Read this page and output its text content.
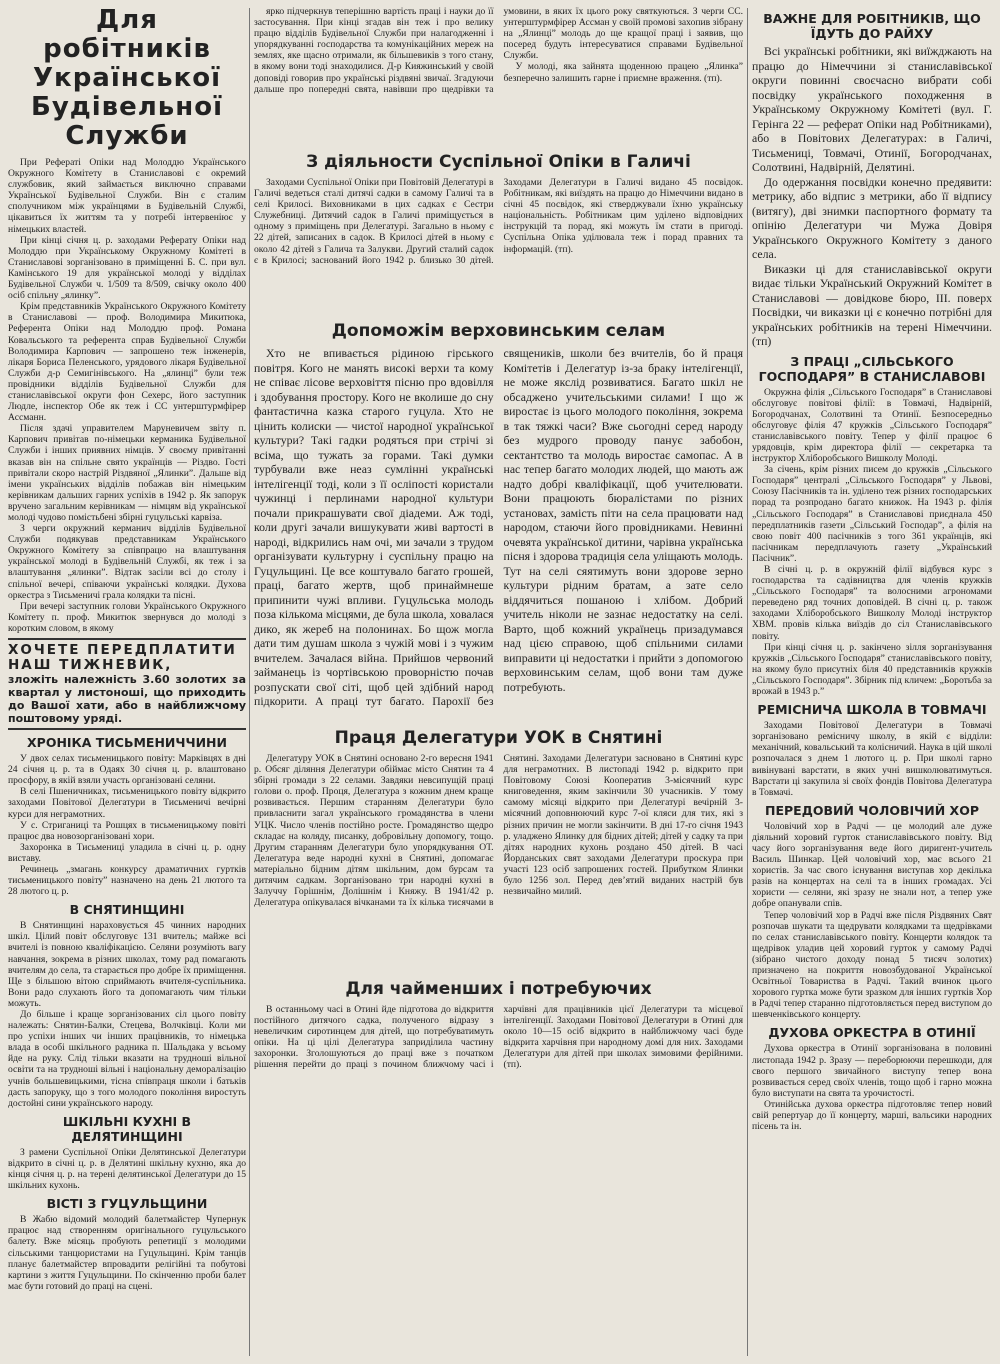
Для робітників Української Будівельної Служби

При Рефераті Опіки над Молоддю Українського Окружного Комітету в Станиславові є окремий службовик, який займається виключно справами Української Будівельної Служби. Він є сталим сполучником між українцями в Будівельній Службі, цікавиться їх життям та у потребі інтервеніює у німецьких властей.

При кінці січня ц. р. заходами Реферату Опіки над Молоддю при Українському Окружному Комітеті в Станиславові зорганізовано в приміщенні Б. С. при вул. Камінського 19 для української молоді у відділах Будівельної Служби ч. 1/509 та 8/509, свічку около 400 осіб спільну „ялинку”.

Крім представників Українського Окружного Комітету в Станиславові — проф. Володимира Микитюка, Референта Опіки над Молоддю проф. Романа Ковальського та референта справ Будівельної Служби Володимира Карпович — запрошено теж інженерів, лікаря Бориса Пеленського, урядового лікаря Будівельної Служби д-р Семигінівського. На „ялинці” були теж провідники відділів Будівельної Служби для станиславівської округи фон Сехерс, його заступник Людле, інспектор Обе як теж і СС унтерштурмфірер Ассманн.

Після здачі управителем Маруневичем звіту п. Карпович привітав по-німецьки керманика Будівельної Служби і інших приявних німців. У своєму привітанні вказав він на спільне свято українців — Різдво. Гості привітали скоро настрій Різдвяної „Ялинки”. Дальше від імени українських відділів побажав він німецьким керівникам дальших гарних успіхів в 1942 р. Як запорук вручено загальним керівникам — німцям від української молоді чудово помістьбені збірні гуцульські карвіза.

З черги окружний керманич відділів Будівельної Служби подякував представникам Українського Окружного Комітету за співпрацю на влаштування української молоді в Будівельній Службі, як теж і за влаштування „ялинки”. Відтак засіли всі до столу і спільної вечері, співаючи українські колядки. Духова оркестра з Тисьменичі грала колядки та пісні.

При вечері заступник голови Українського Окружного Комітету п. проф. Микитюк звернувся до молоді з коротким словом, в якому

ХОЧЕТЕ ПЕРЕДПЛАТИТИ НАШ ТИЖНЕВИК,

зложіть належність 3.60 золотих за квартал у листоноші, що приходить до Вашої хати, або в найближчому поштовому уряді.

ХРОНІКА ТИСЬМЕНИЧЧИНИ

У двох селах тисьменицького повіту: Марківцях в дні 24 січня ц. р. та в Одаях 30 січня ц. р. влаштовано просфору, в якій взяли участь організовані селяни.

В селі Пшеничниках, тисьменицького повіту відкрито заходами Повітової Делегатури в Тисьменичі вечірні курси для неграмотних.

У с. Стриганиці та Рошцях в тисьменицькому повіті працює два новозорганізовані хори.

Захоронка в Тисьмениці уладила в січні ц. р. одну виставу.

Речинець „змагань конкурсу драматичних гуртків тисьменицького повіту” назначено на день 21 лютого та 28 лютого ц. р.

В СНЯТИНЩИНІ

В Снятинщині нараховується 45 чинних народних шкіл. Цілий повіт обслуговує 131 вчитель; майже всі вчителі із повною кваліфікацією. Селяни розуміють вагу навчання, зокрема в різних школах, тому рад помагають вчителям до села, та старається про добре їх приміщення. Ще з більшою вітою сприймають вчителя-суспільника. Вони радо слухають його та допомагають чим тільки можуть.

До більше і краще зорганізованих сіл цього повіту належать: Снятин-Балки, Стецева, Волчківці. Коли ми про успіхи інших чи інших працівників, то німецька влада в особі шкільного радника п. Шальдака у всьому йде на руку. Слід тільки вказати на трудноші вільної освіти та на трудноші вільні і національну деморалізацію учнів большевицькими, тісна співпраця школи і батьків дасть запоруку, що з того молодого покоління виростуть достойні сини українського народу.

ШКІЛЬНІ КУХНІ В ДЕЛЯТИНЩИНІ

З рамени Суспільної Опіки Делятинської Делегатури відкрито в січні ц. р. в Делятині шкільну кухню, яка до кінця січня ц. р. на терені делятинської Делегатури до 15 шкільних кухонь.

ВІСТІ З ГУЦУЛЬЩИНИ

В Жабю відомий молодий балетмайстер Чупернук працює над створенням оригінального гуцульського балету. Вже місяць пробують репетиції з молодими сільськими танцюристами на Гуцульщині. Крім танців планує балетмайстер впровадити релігійні та побутові картини з життя Гуцульщини. По скінченню проби балет має бути готовий до праці на сцені.

ярко підчеркнув теперішню вартість праці і науки до її застосування. При кінці згадав він теж і про велику працю відділів Будівельної Служби при налагодженні і упорядкуванні господарства та комунікаційних мереж на землях, яке щасно отримали, як більшевиків з того стану, в якому вони тоді знаходилися. Д-р Кияжинський у своїй доповіді говорив про українські різдвяні звичаї. Згадуючи дальше про попередні свята, навівши про щедрівки та умовини, в яких їх цього року святкуються. З черги СС. унтерштурмфірер Ассман у своїй промові захопив зібрану на „Ялинці” молодь до ще кращої праці і заявив, що посеред будуть інтересуватися справами Будівельної Служби.

У молоді, яка зайнята щоденною працею „Ялинка” безперечно залишить гарне і приємне враження. (тп).

З діяльности Суспільної Опіки в Галичі

Заходами Суспільної Опіки при Повітовій Делегатурі в Галичі ведеться сталі дитячі садки в самому Галичі та в селі Крилосі. Виховниками в цих садках є Сестри Служебниці. Дитячий садок в Галичі приміщується в одному з приміщень при Делегатурі. Загально в ньому є 22 дітей, записаних в садок. В Крилосі дітей в ньому є около 42 дітей з Галича та Залукви. Другий сталий садок є в Крилосі; заснований його 1942 р. близько 30 дітей. Заходами Делегатури в Галичі видано 45 посвідок. Робітникам, які виїздять на працю до Німеччини видано в січні 45 посвідок, які стверджували їхню українську національність. Робітникам цим уділено відповідних інструкцій та порад, які можуть їм стати в пригоді. Суспільна Опіка уділювала теж і порад правних та інформацій. (тп).

Допоможім верховинським селам

Хто не впивається рідиною гірського повітря. Кого не манять високі верхи та кому не співає лісове верховіття пісню про вдовілля і здобування простору. Кого не вколише до сну фантастична казка старого гуцула. Хто не цінить колиски — чистої народної української культури? Такі гадки родяться при стрічі зі всіма, що тужать за горами. Такі думки турбували вже неаз сумлінні українські інтелігенції тоді, коли з її осліпості користали чужинці і перлинами народної культури почали прикрашувати свої діадеми. Аж тоді, коли другі зачали вишукувати живі вартості в народі, відкрились нам очі, ми зачали з трудом організувати культурну і суспільну працю на Гуцульщині. Це все коштувало багато грошей, праці, багато жертв, щоб принаймнеше припинити чужі впливи. Гуцульська молодь поза кількома місцями, де була школа, ховалася дико, як жереб на полонинах. Бо щож могла дати тим душам школа з чужій мові і з чужим вчителем. Зачалася війна. Прийшов червоний займанець із чортівською проворністю почав розпускати свої сіті, щоб цей здібний народ підкорити. А праці тут багато. Парохії без священиків, школи без вчителів, бо й праця Комітетів і Делегатур із-за браку інтелігенції, не може якслід розвиватися. Багато шкіл не обсаджено учительськими силами! І що ж виростає із цього молодого покоління, зокрема в так тяжкі часи? Вже сьогодні серед народу без мудрого проводу панує забобон, сектантство та молодь виростає самопас. А в нас тепер багато молодих людей, що мають аж надто добрі кваліфікації, щоб учителювати. Вони працюють бюралістами по різних установах, замість піти на села працювати над народом, стаючи його провідниками. Невинні очевята української дитини, чарівна українська пісня і здорова традиція села уліщають молодь. Тут на селі сяятимуть вони здорове зерно культури рідним братам, а зате село віддячиться пошаною і хлібом. Добрий учитель ніколи не зазнає недостатку на селі. Варто, щоб кожний українець призадумався над цією справою, щоб спільними силами виправити ці недостатки і прийти з допомогою верховинським селам, щоб вони там дуже потребують.

Праця Делегатури УОК в Снятині

Делегатуру УОК в Снятині основано 2-го вересня 1941 р. Обсяг діляння Делегатури обіймає місто Снятин та 4 збірні громади з 22 селами. Завдяки невсипущій праці голови о. проф. Проця, Делегатура з кожним днем краще розвивається. Першим старанням Делегатури було привласнити загал українського громадянства в члени УЦК. Число членів постійно росте. Громадянство щедро складає на коляду, писанку, добровільну допомогу, тощо. Другим старанням Делегатури було упорядкування ОТ. Делегатура веде народні кухні в Снятині, допомагає матеріально бідним дітям шкільним, дом бурсам та дитячим садкам. Зорганізовано три народні кухні в Залуччу Горішнім, Долішнім і Княжу. В 1941/42 р. Делегатура опікувалася вічканами та їх кілька тисячами в Снятині. Заходами Делегатури засновано в Снятині курс для неграмотних. В листопаді 1942 р. відкрито при Повітовому Союзі Кооператив 3-місячний курс книговедення, яким закінчили 30 учасників. У тому самому місяці відкрито при Делегатурі вечірній 3-місячний доповнюючий курс 7-ої кляси для тих, які з різних причин не могли закінчити. В дні 17-го січня 1943 р. уладжено Ялинку для бідних дітей; дітей у садку та при дітях народних кухонь роздано 450 дітей. В часі Йорданських свят заходами Делегатури проскура при участі 123 осіб запрошених гостей. Прибутком Ялинки було 1256 зол. Перед дев’ятий виданих настрій був незвичайно милий.

Для чайменших і потребуючих

В останньому часі в Отині йде підготова до відкриття постійного дитячого садка, полученого відразу з невеличким сиротинцем для дітей, що потребуватимуть опіки. На ці цілі Делегатура заприділила частину захоронки. Зголошуються до праці вже з початком рішення перейти до праці з почином ближчому часі і харчівні для працівників цієї Делегатури та місцевої інтелігенції. Заходами Повітової Делегатури в Отині для около 10—15 осіб відкрито в найближчому часі буде відкрита харчівня при народному домі для них. Заходами Делегатури для дітей при школах зимовими ферійними. (тп).

ВАЖНЕ ДЛЯ РОБІТНИКІВ, ЩО ЇДУТЬ ДО РАЙХУ

Всі українські робітники, які виїжджають на працю до Німеччини зі станиславівської округи повинні своєчасно вибрати собі посвідку українського походження в Українському Окружному Комітеті (вул. Г. Герінга 22 — реферат Опіки над Робітниками), або в Повітових Делегатурах: в Галичі, Тисьмениці, Товмачі, Отинії, Богородчанах, Солотвині, Надвірній, Делятині.

До одержання посвідки конечно предявити: метрику, або відпис з метрики, або її відпису (витягу), дві знимки паспортного формату та опінію Делегатури чи Мужа Довіря Українського Окружного Комітету з даного села.

Виказки ці для станиславівської округи видає тільки Український Окружний Комітет в Станиславові — довідкове бюро, III. поверх Посвідки, чи виказки ці є конечно потрібні для українських робітників на терені Німеччини. (тп)

З ПРАЦІ „СІЛЬСЬКОГО ГОСПОДАРЯ” В СТАНИСЛАВОВІ

Окружна філія „Сільського Господаря” в Станиславові обслуговує повітові філії: в Товмачі, Надвірній, Богородчанах, Солотвині та Отинії. Безпосередньо обслуговує філія 47 кружків „Сільського Господаря” станиславівського повіту. Тепер у філії працює 6 урядовців, крім директора філії — секретарка та інструктор Хліборобського Вишколу Молоді.

За січень, крім різних писем до кружків „Сільського Господаря” централі „Сільського Господаря” у Львові, Союзу Пасічників та ін. уділено теж різних господарських порад та розпродано багато книжок. На 1943 р. філія „Сільського Господаря” в Станиславові приєднала 450 передплатників газети „Сільський Господар”, а філія на свою повіт 400 пасічників з того 361 українців, які пасічникам передплачують газету „Український Пасічник”.

В січні ц. р. в окружній філії відбувся курс з господарства та садівництва для членів кружків „Сільського Господаря” та волосними агрономами переведено ряд точних доповідей. В січні ц. р. також заходами Хліборобського Вишколу Молоді інструктор ХВМ. провів кілька виїздів до сіл Станиславівського повіту.

При кінці січня ц. р. закінчено зілля зорганізування кружків „Сільського Господаря” станиславівського повіту, на якому було присутніх біля 40 представників кружків „Сільського Господаря”. Збірник під кличем: „Боротьба за врожай в 1943 р.”

РЕМІСНИЧА ШКОЛА В ТОВМАЧІ

Заходами Повітової Делегатури в Товмачі зорганізовано ремісничу школу, в якій є відділи: механічний, ковальський та колісничий. Наука в цій школі розпочалася з днем 1 лютого ц. р. При школі гарно вивінувані варстати, в яких учні вишколюватимуться. Варстати ці закупила зі своїх фондів Повітова Делегатура в Товмачі.

ПЕРЕДОВИЙ ЧОЛОВІЧИЙ ХОР

Чоловічий хор в Радчі — це молодий але дуже діяльний хоровий гурток станиславівського повіту. Від часу його зорганізування веде його диригент-учитель Василь Шинкар. Цей чоловічий хор, має всього 21 хористів. За час свого існування виступав хор декілька разів на концертах на селі та в інших громадах. Усі хористи — селяни, які зразу не знали нот, а тепер уже добре опанували спів.

Тепер чоловічий хор в Радчі вже після Різдвяних Свят розпочав шукати та щедрувати колядками та щедрівками по селах станиславівського повіту. Концерти колядок та щедрівок уладив цей хоровий гурток у самому Радчі (зібрано чистого доходу понад 5 тисяч золотих) призначено на покриття новозбудованої Української Освітньої Товариства в Радчі. Такий вчинок цього хорового гуртка може бути зразком для інших гуртків Хор в Радчі тепер старанно підготовляється перед виступом до шевченківського концерту.

ДУХОВА ОРКЕСТРА В ОТИНІЇ

Духова оркестра в Отинії зорганізована в половині листопада 1942 р. Зразу — переборюючи перешкоди, для свого першого звичайного виступу тепер вона розвивається серед своїх членів, тощо щоб і гарно можна було виступати на свята та урочистості.

Отинійська духова оркестра підготовляє тепер новий свій репертуар до її концерту, марші, вальсики народних пісень та ін.
